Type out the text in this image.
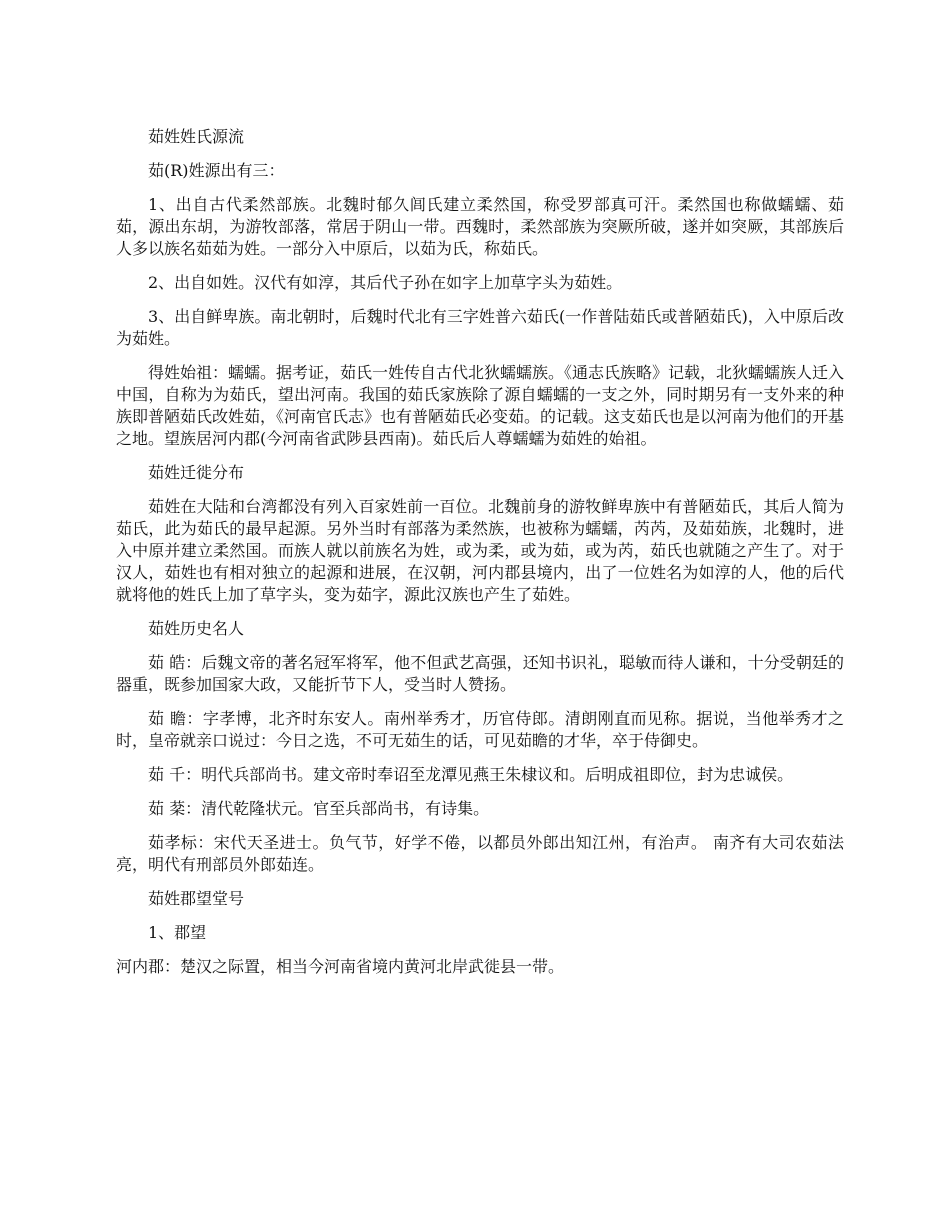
茹姓姓氏源流

茹(R)姓源出有三：

1、出自古代柔然部族。北魏时郁久闾氏建立柔然国，称受罗部真可汗。柔然国也称做蠕蠕、茹茹，源出东胡，为游牧部落，常居于阴山一带。西魏时，柔然部族为突厥所破，遂并如突厥，其部族后人多以族名茹茹为姓。一部分入中原后，以茹为氏，称茹氏。

2、出自如姓。汉代有如淳，其后代子孙在如字上加草字头为茹姓。

3、出自鲜卑族。南北朝时，后魏时代北有三字姓普六茹氏(一作普陆茹氏或普陋茹氏)，入中原后改为茹姓。

得姓始祖：蠕蠕。据考证，茹氏一姓传自古代北狄蠕蠕族。《通志氏族略》记载，北狄蠕蠕族人迁入中国，自称为为茹氏，望出河南。我国的茹氏家族除了源自蠕蠕的一支之外，同时期另有一支外来的种族即普陋茹氏改姓茹，《河南官氏志》也有普陋茹氏必变茹。的记载。这支茹氏也是以河南为他们的开基之地。望族居河内郡(今河南省武陟县西南)。茹氏后人尊蠕蠕为茹姓的始祖。

茹姓迁徙分布

茹姓在大陆和台湾都没有列入百家姓前一百位。北魏前身的游牧鲜卑族中有普陋茹氏，其后人简为茹氏，此为茹氏的最早起源。另外当时有部落为柔然族，也被称为蠕蠕，芮芮，及茹茹族，北魏时，进入中原并建立柔然国。而族人就以前族名为姓，或为柔，或为茹，或为芮，茹氏也就随之产生了。对于汉人，茹姓也有相对独立的起源和进展，在汉朝，河内郡县境内，出了一位姓名为如淳的人，他的后代就将他的姓氏上加了草字头，变为茹字，源此汉族也产生了茹姓。

茹姓历史名人

茹 皓：后魏文帝的著名冠军将军，他不但武艺高强，还知书识礼，聪敏而待人谦和，十分受朝廷的器重，既参加国家大政，又能折节下人，受当时人赞扬。

茹 瞻：字孝博，北齐时东安人。南州举秀才，历官侍郎。清朗刚直而见称。据说，当他举秀才之时，皇帝就亲口说过：今日之选，不可无茹生的话，可见茹瞻的才华，卒于侍御史。

茹 千：明代兵部尚书。建文帝时奉诏至龙潭见燕王朱棣议和。后明成祖即位，封为忠诚侯。

茹 棻：清代乾隆状元。官至兵部尚书，有诗集。

茹孝标：宋代天圣进士。负气节，好学不倦，以都员外郎出知江州，有治声。 南齐有大司农茹法亮，明代有刑部员外郎茹连。

茹姓郡望堂号

1、郡望

河内郡：楚汉之际置，相当今河南省境内黄河北岸武徙县一带。
